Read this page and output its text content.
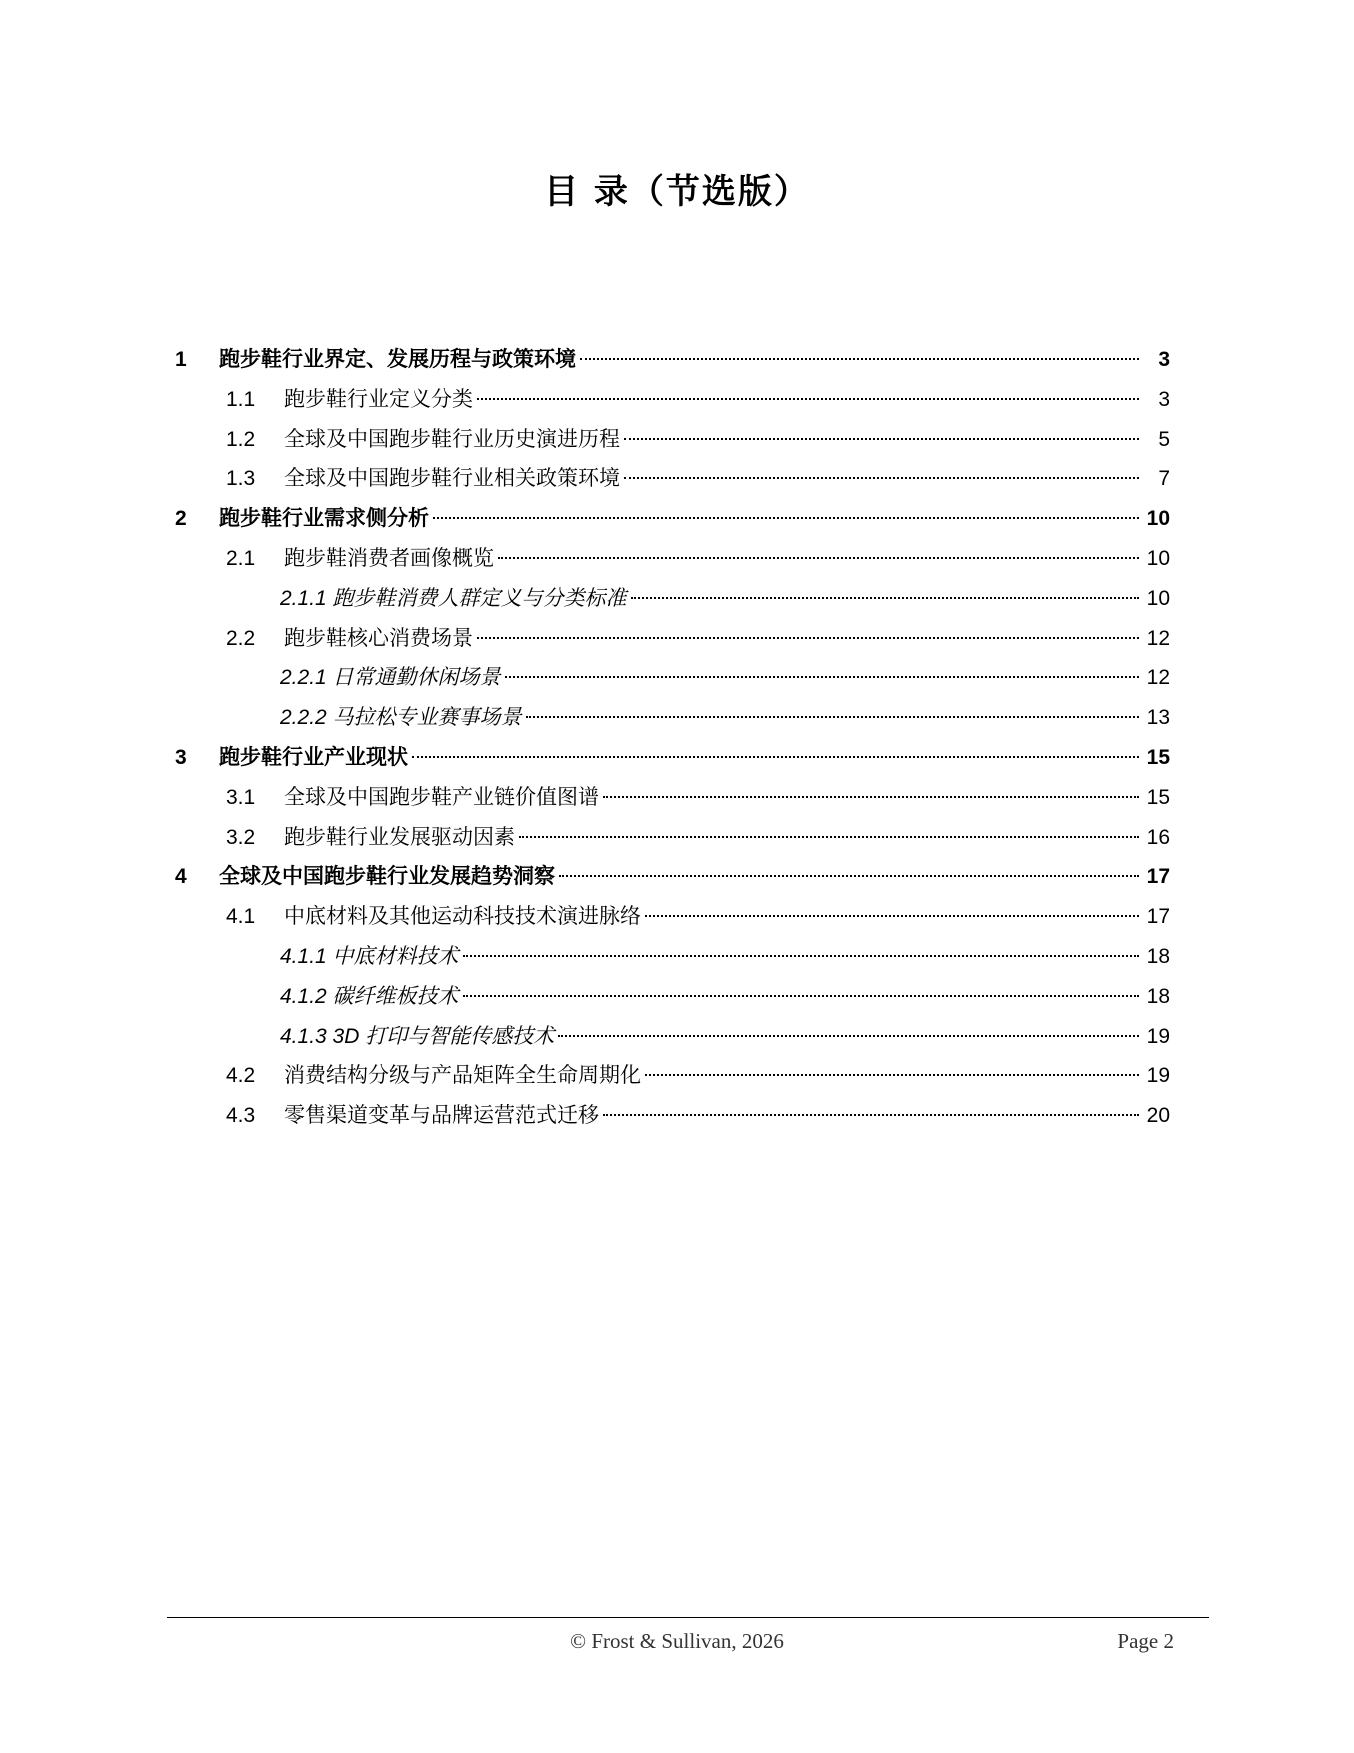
目 录（节选版）
1	跑步鞋行业界定、发展历程与政策环境	3
1.1	跑步鞋行业定义分类	3
1.2	全球及中国跑步鞋行业历史演进历程	5
1.3	全球及中国跑步鞋行业相关政策环境	7
2	跑步鞋行业需求侧分析	10
2.1	跑步鞋消费者画像概览	10
2.1.1 跑步鞋消费人群定义与分类标准	10
2.2	跑步鞋核心消费场景	12
2.2.1 日常通勤休闲场景	12
2.2.2 马拉松专业赛事场景	13
3	跑步鞋行业产业现状	15
3.1	全球及中国跑步鞋产业链价值图谱	15
3.2	跑步鞋行业发展驱动因素	16
4	全球及中国跑步鞋行业发展趋势洞察	17
4.1	中底材料及其他运动科技技术演进脉络	17
4.1.1 中底材料技术	18
4.1.2 碳纤维板技术	18
4.1.3 3D 打印与智能传感技术	19
4.2	消费结构分级与产品矩阵全生命周期化	19
4.3	零售渠道变革与品牌运营范式迁移	20
© Frost & Sullivan, 2026	Page 2
